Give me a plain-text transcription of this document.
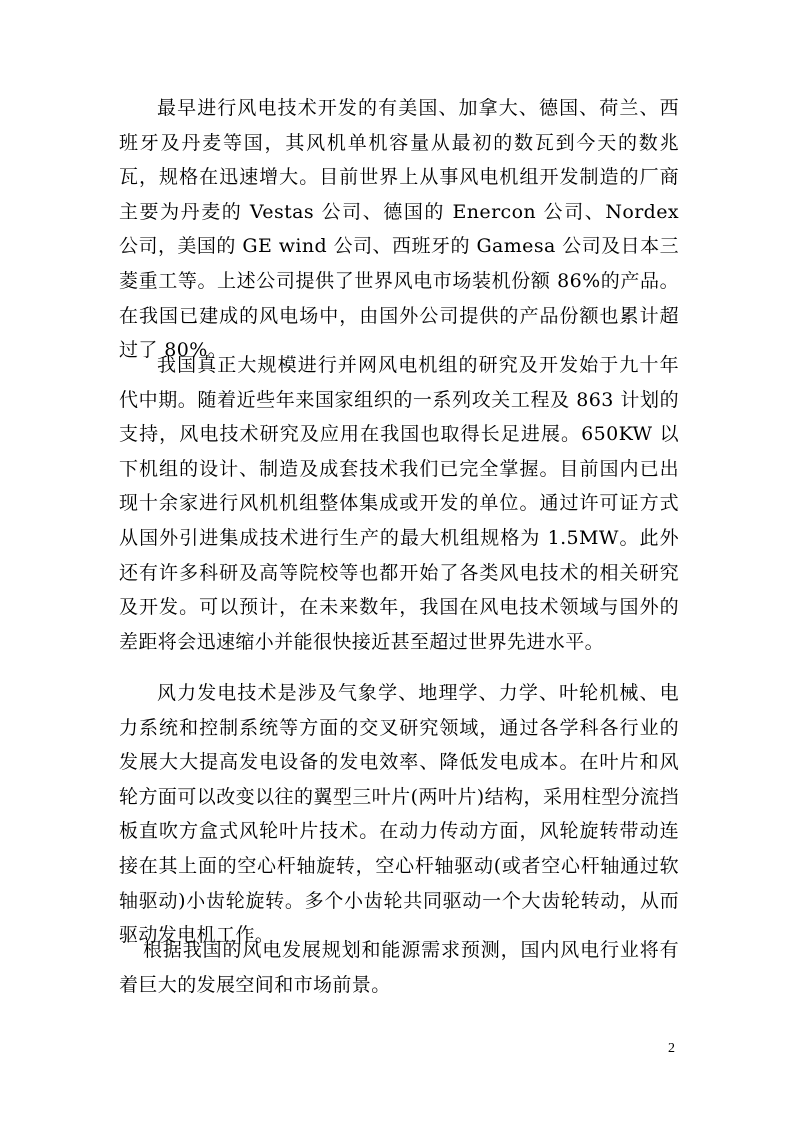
最早进行风电技术开发的有美国、加拿大、德国、荷兰、西班牙及丹麦等国，其风机单机容量从最初的数瓦到今天的数兆瓦，规格在迅速增大。目前世界上从事风电机组开发制造的厂商主要为丹麦的 Vestas 公司、德国的 Enercon 公司、Nordex 公司，美国的 GE wind 公司、西班牙的 Gamesa 公司及日本三菱重工等。上述公司提供了世界风电市场装机份额 86%的产品。在我国已建成的风电场中，由国外公司提供的产品份额也累计超过了 80%。

我国真正大规模进行并网风电机组的研究及开发始于九十年代中期。随着近些年来国家组织的一系列攻关工程及 863 计划的支持，风电技术研究及应用在我国也取得长足进展。650KW 以下机组的设计、制造及成套技术我们已完全掌握。目前国内已出现十余家进行风机机组整体集成或开发的单位。通过许可证方式从国外引进集成技术进行生产的最大机组规格为 1.5MW。此外还有许多科研及高等院校等也都开始了各类风电技术的相关研究及开发。可以预计，在未来数年，我国在风电技术领域与国外的差距将会迅速缩小并能很快接近甚至超过世界先进水平。

风力发电技术是涉及气象学、地理学、力学、叶轮机械、电力系统和控制系统等方面的交叉研究领域，通过各学科各行业的发展大大提高发电设备的发电效率、降低发电成本。在叶片和风轮方面可以改变以往的翼型三叶片(两叶片)结构，采用柱型分流挡板直吹方盒式风轮叶片技术。在动力传动方面，风轮旋转带动连接在其上面的空心杆轴旋转，空心杆轴驱动(或者空心杆轴通过软轴驱动)小齿轮旋转。多个小齿轮共同驱动一个大齿轮转动，从而驱动发电机工作。

根据我国的风电发展规划和能源需求预测，国内风电行业将有着巨大的发展空间和市场前景。

2
